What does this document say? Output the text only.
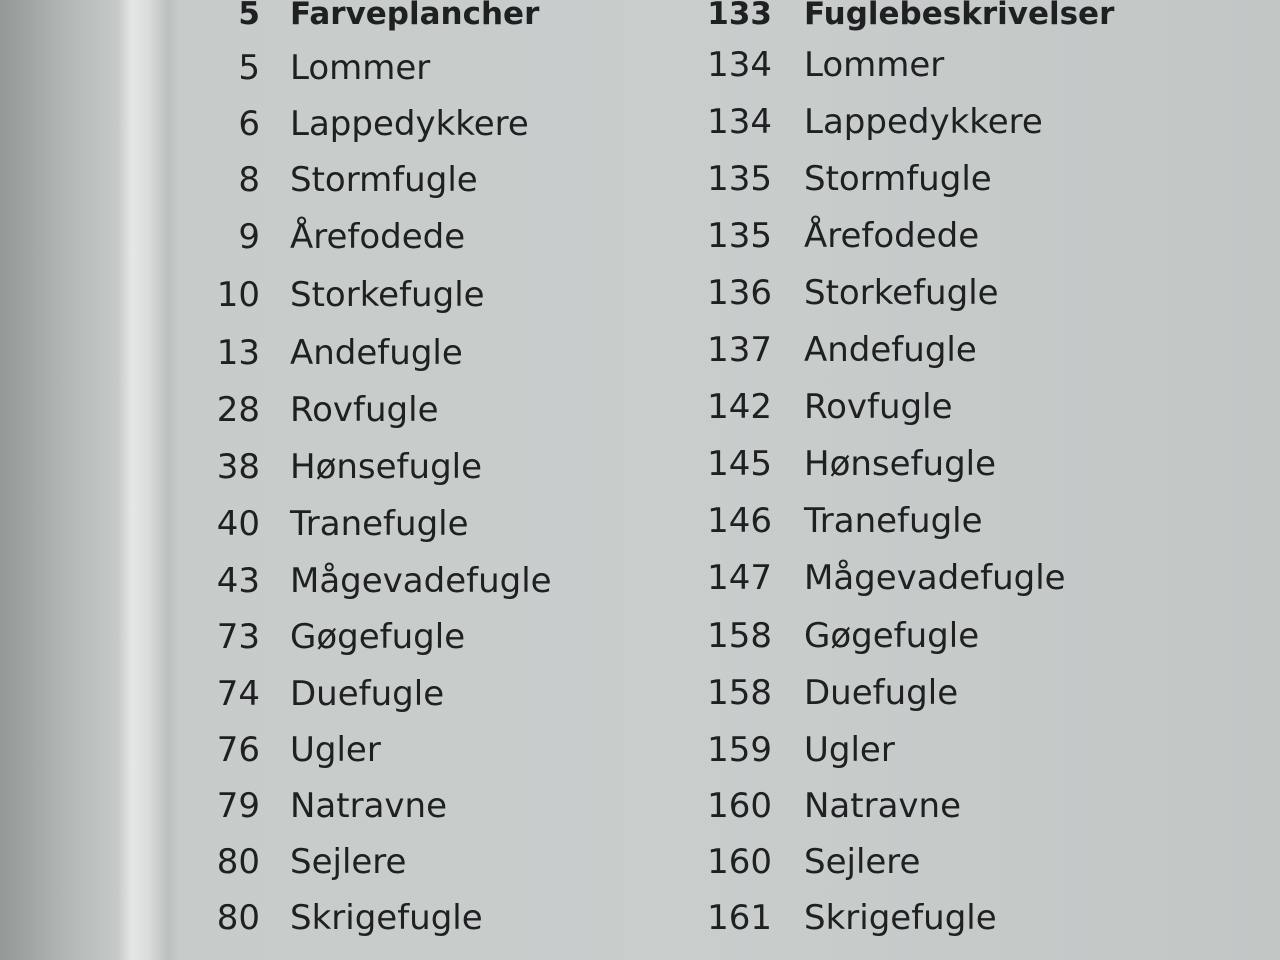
5 Farveplancher
5 Lommer
6 Lappedykkere
8 Stormfugle
9 Årefodede
10 Storkefugle
13 Andefugle
28 Rovfugle
38 Hønsefugle
40 Tranefugle
43 Mågevadefugle
73 Gøgefugle
74 Duefugle
76 Ugler
79 Natravne
80 Sejlere
80 Skrigefugle
133 Fuglebeskrivelser
134 Lommer
134 Lappedykkere
135 Stormfugle
135 Årefodede
136 Storkefugle
137 Andefugle
142 Rovfugle
145 Hønsefugle
146 Tranefugle
147 Mågevadefugle
158 Gøgefugle
158 Duefugle
159 Ugler
160 Natravne
160 Sejlere
161 Skrigefugle
